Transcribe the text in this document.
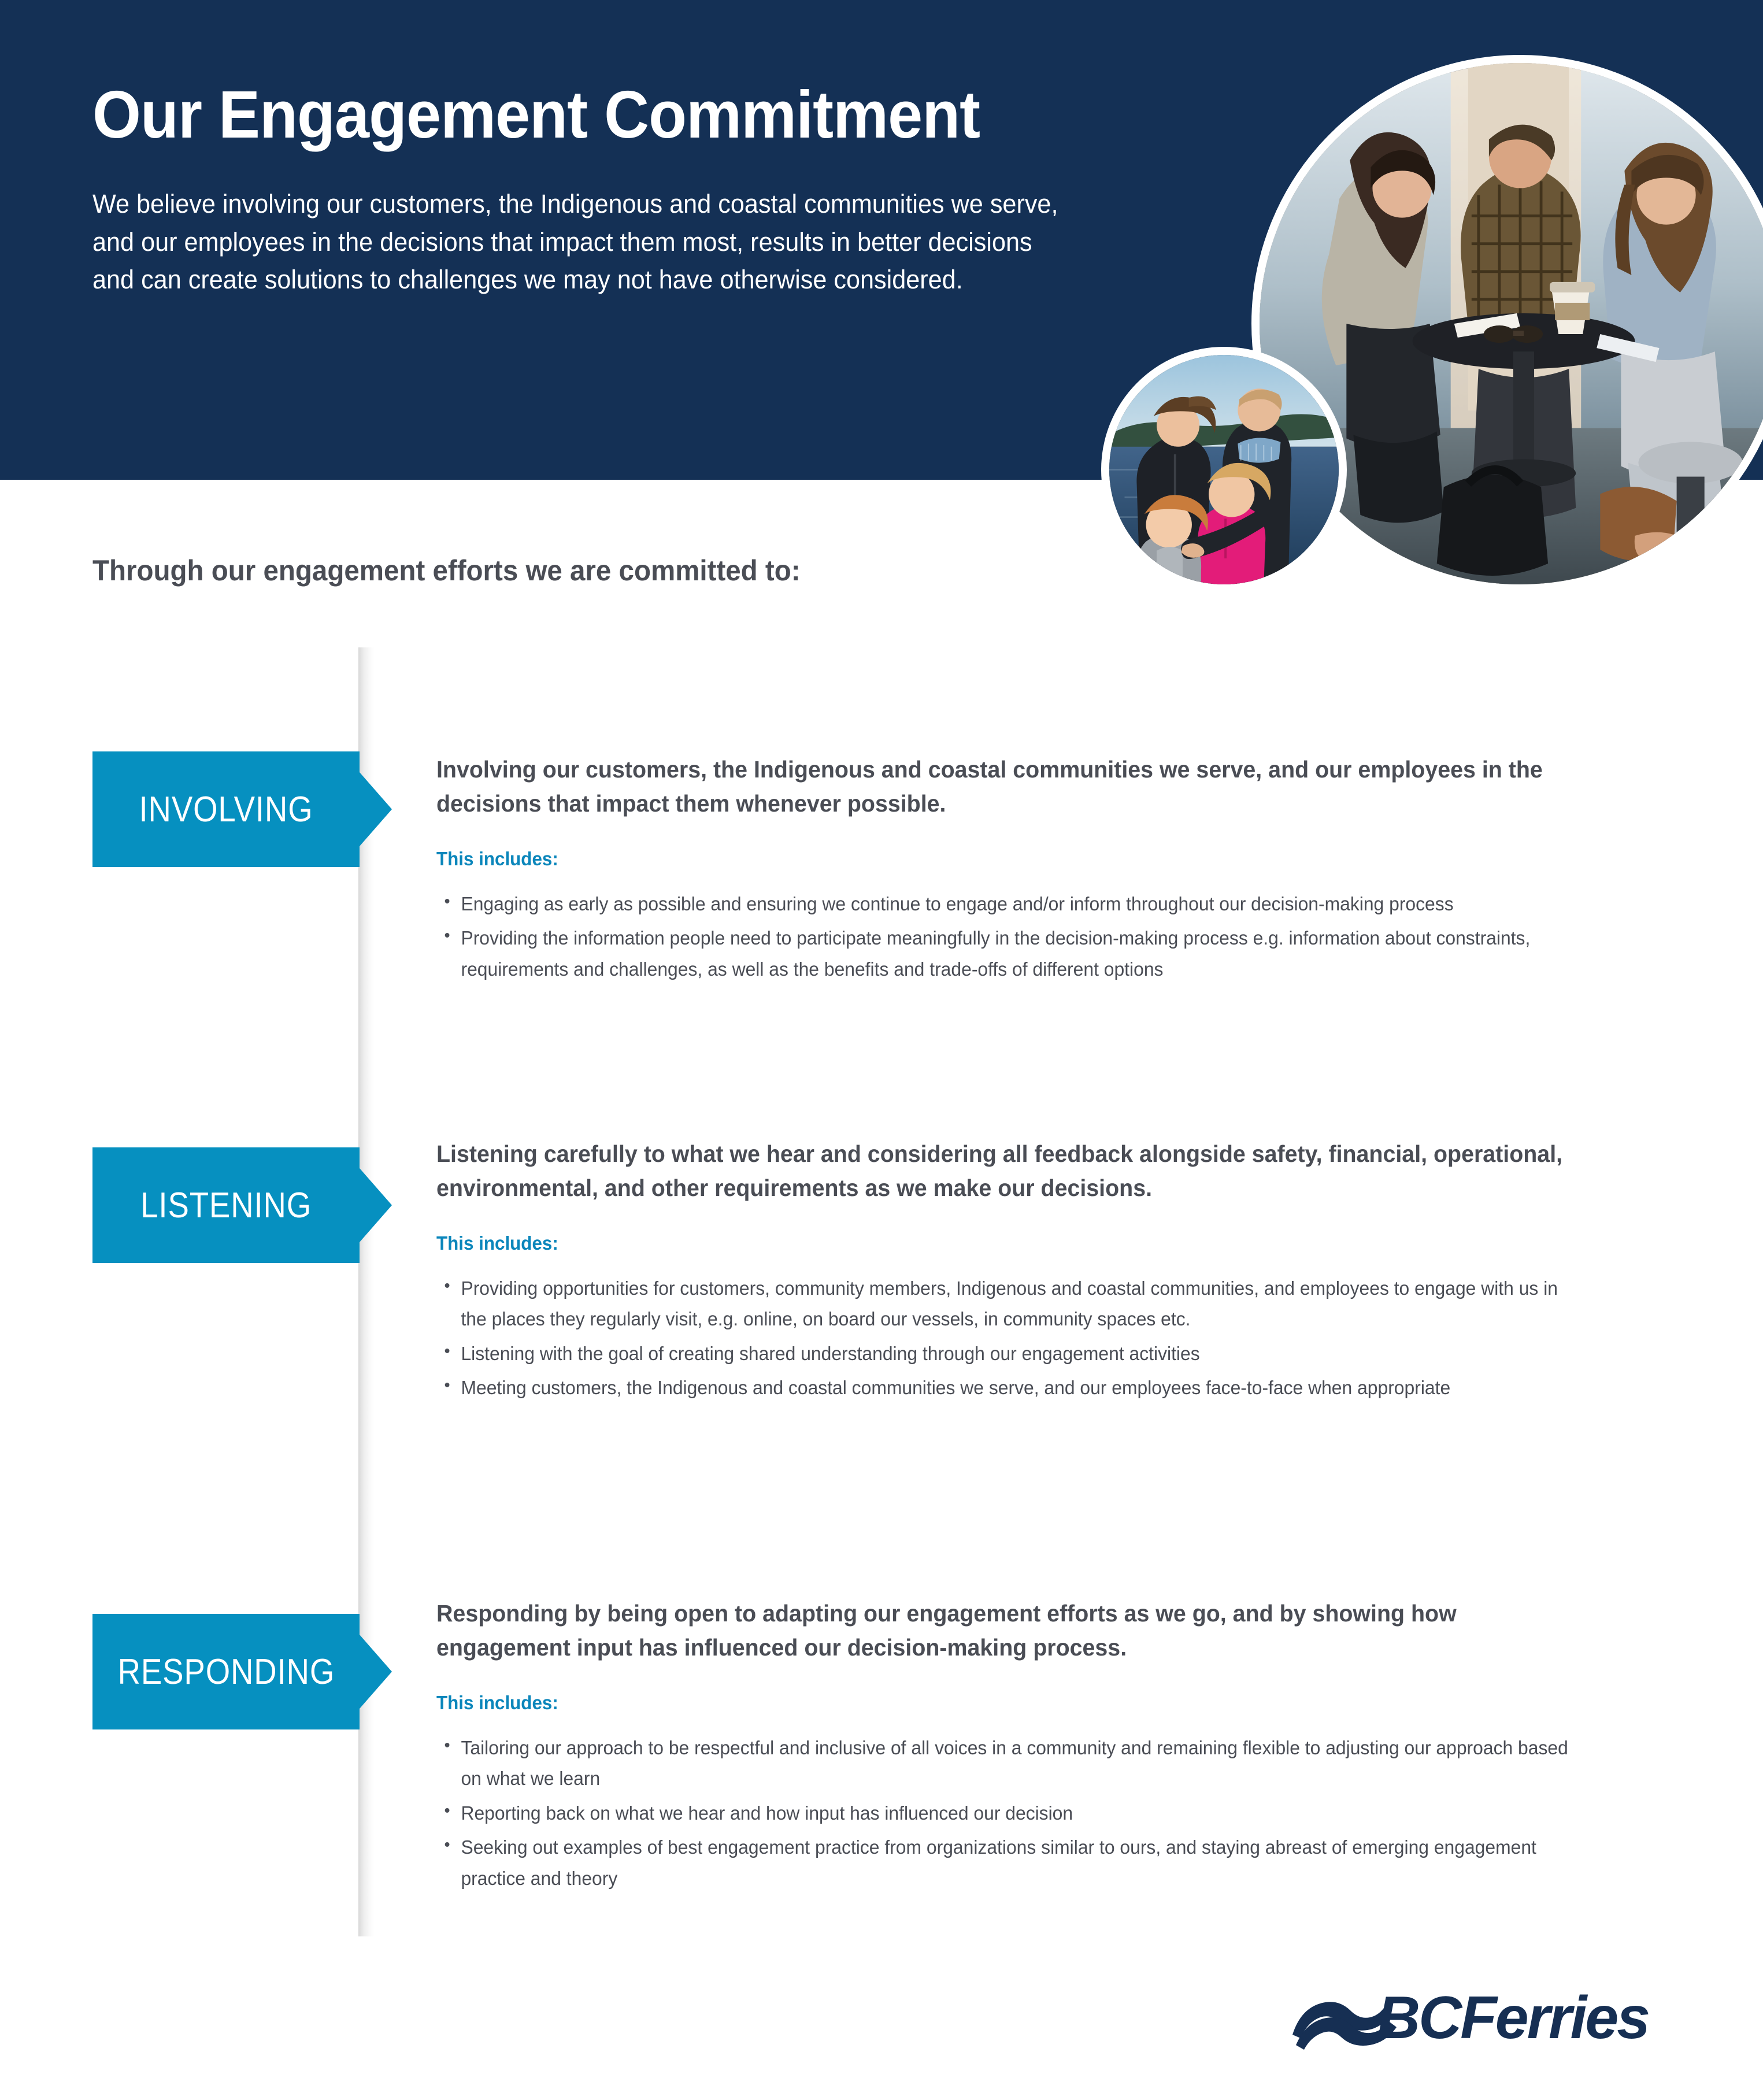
Our Engagement Commitment
We believe involving our customers, the Indigenous and coastal communities we serve, and our employees in the decisions that impact them most, results in better decisions and can create solutions to challenges we may not have otherwise considered.
Through our engagement efforts we are committed to:
INVOLVING
Involving our customers, the Indigenous and coastal communities we serve, and our employees in the decisions that impact them whenever possible.
This includes:
• Engaging as early as possible and ensuring we continue to engage and/or inform throughout our decision-making process
• Providing the information people need to participate meaningfully in the decision-making process e.g. information about constraints, requirements and challenges, as well as the benefits and trade-offs of different options
LISTENING
Listening carefully to what we hear and considering all feedback alongside safety, financial, operational, environmental, and other requirements as we make our decisions.
This includes:
• Providing opportunities for customers, community members, Indigenous and coastal communities, and employees to engage with us in the places they regularly visit, e.g. online, on board our vessels, in community spaces etc.
• Listening with the goal of creating shared understanding through our engagement activities
• Meeting customers, the Indigenous and coastal communities we serve, and our employees face-to-face when appropriate
RESPONDING
Responding by being open to adapting our engagement efforts as we go, and by showing how engagement input has influenced our decision-making process.
This includes:
• Tailoring our approach to be respectful and inclusive of all voices in a community and remaining flexible to adjusting our approach based on what we learn
• Reporting back on what we hear and how input has influenced our decision
• Seeking out examples of best engagement practice from organizations similar to ours, and staying abreast of emerging engagement practice and theory
BCFerries
